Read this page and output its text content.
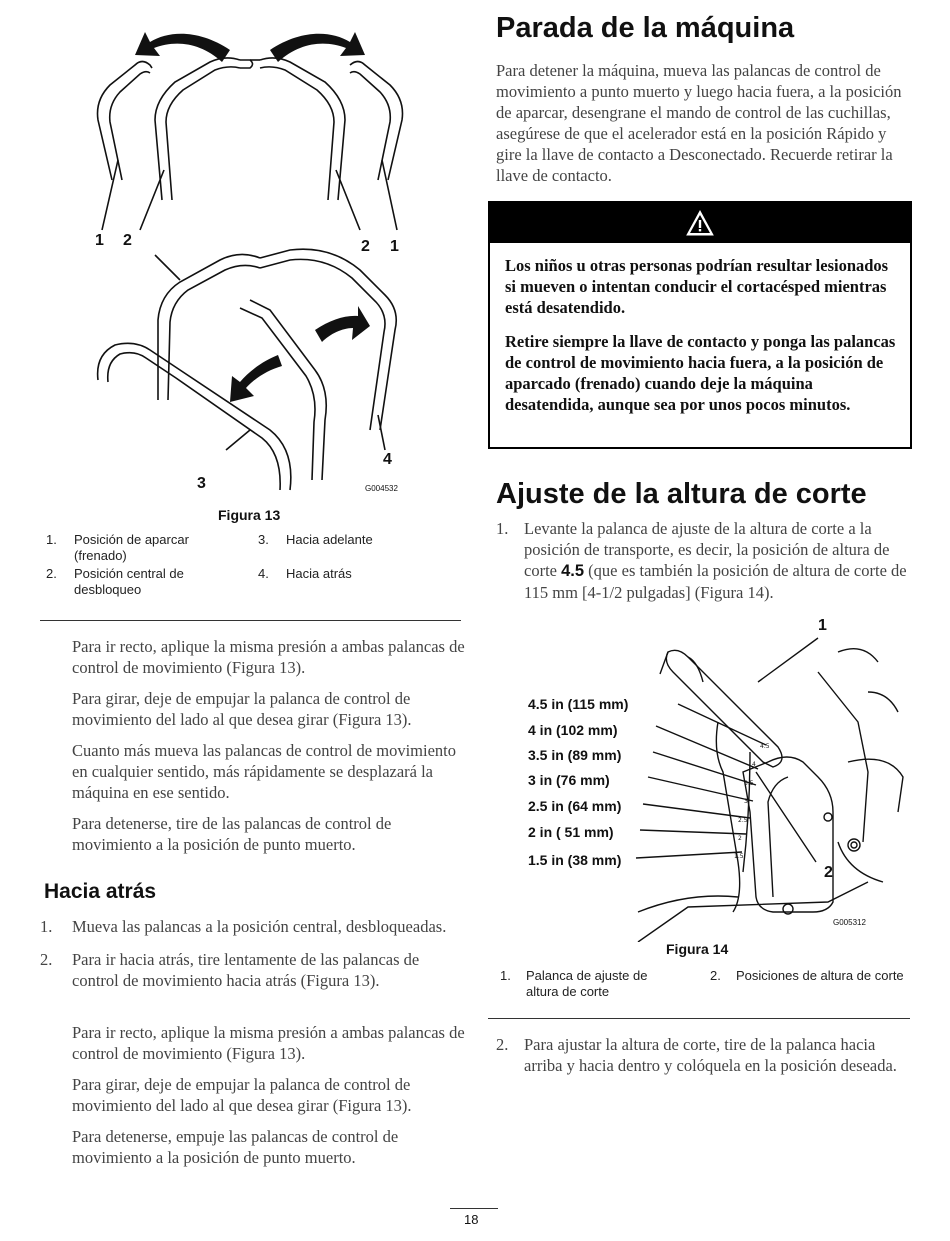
1 2	2 1
3
4
G004532
Figura 13
1. Posición de aparcar (frenado)
2. Posición central de desbloqueo
3. Hacia adelante
4. Hacia atrás

Para ir recto, aplique la misma presión a ambas palancas de control de movimiento (Figura 13).

Para girar, deje de empujar la palanca de control de movimiento del lado al que desea girar (Figura 13).

Cuanto más mueva las palancas de control de movimiento en cualquier sentido, más rápidamente se desplazará la máquina en ese sentido.

Para detenerse, tire de las palancas de control de movimiento a la posición de punto muerto.

Hacia atrás
1. Mueva las palancas a la posición central, desbloqueadas.
2. Para ir hacia atrás, tire lentamente de las palancas de control de movimiento hacia atrás (Figura 13).

Para ir recto, aplique la misma presión a ambas palancas de control de movimiento (Figura 13).

Para girar, deje de empujar la palanca de control de movimiento del lado al que desea girar (Figura 13).

Para detenerse, empuje las palancas de control de movimiento a la posición de punto muerto.

Parada de la máquina
Para detener la máquina, mueva las palancas de control de movimiento a punto muerto y luego hacia fuera, a la posición de aparcar, desengrane el mando de control de las cuchillas, asegúrese de que el acelerador está en la posición Rápido y gire la llave de contacto a Desconectado. Recuerde retirar la llave de contacto.
Los niños u otras personas podrían resultar lesionados si mueven o intentan conducir el cortacésped mientras está desatendido.
Retire siempre la llave de contacto y ponga las palancas de control de movimiento hacia fuera, a la posición de aparcado (frenado) cuando deje la máquina desatendida, aunque sea por unos pocos minutos.
Ajuste de la altura de corte
1. Levante la palanca de ajuste de la altura de corte a la posición de transporte, es decir, la posición de altura de corte 4.5 (que es también la posición de altura de corte de 115 mm [4-1/2 pulgadas] (Figura 14).
4.5
4
3.5
3
2.5
2
1.5
4.5 in (115 mm)
4 in (102 mm)
3.5 in (89 mm)
3 in (76 mm)
2.5 in (64 mm)
2 in ( 51 mm)
1.5 in (38 mm)
1
2
G005312
Figura 14
1. Palanca de ajuste de altura de corte
2. Posiciones de altura de corte
2. Para ajustar la altura de corte, tire de la palanca hacia arriba y hacia dentro y colóquela en la posición deseada.
18
